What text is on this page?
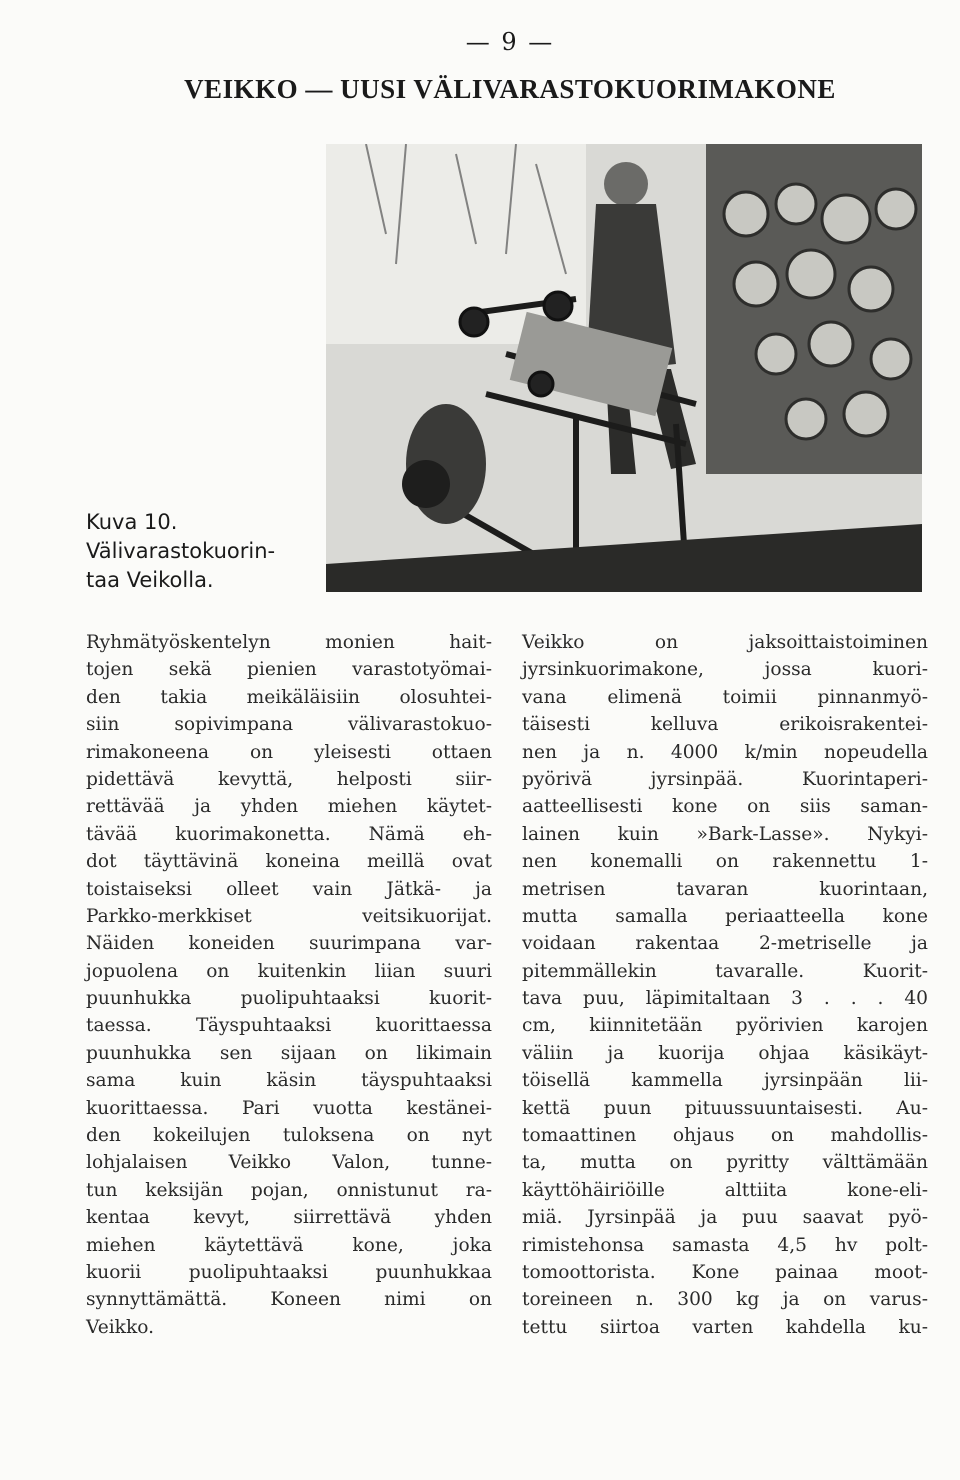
— 9 —
VEIKKO — UUSI VÄLIVARASTOKUORIMAKONE
Kuva 10.
Välivarastokuorin-
taa Veikolla.
Ryhmätyöskentelyn monien hait-
tojen sekä pienien varastotyömai-
den takia meikäläisiin olosuhtei-
siin sopivimpana välivarastokuo-
rimakoneena on yleisesti ottaen
pidettävä kevyttä, helposti siir-
rettävää ja yhden miehen käytet-
tävää kuorimakonetta. Nämä eh-
dot täyttävinä koneina meillä ovat
toistaiseksi olleet vain Jätkä- ja
Parkko-merkkiset veitsikuorijat.
Näiden koneiden suurimpana var-
jopuolena on kuitenkin liian suuri
puunhukka puolipuhtaaksi kuorit-
taessa. Täyspuhtaaksi kuorittaessa
puunhukka sen sijaan on likimain
sama kuin käsin täyspuhtaaksi
kuorittaessa. Pari vuotta kestänei-
den kokeilujen tuloksena on nyt
lohjalaisen Veikko Valon, tunne-
tun keksijän pojan, onnistunut ra-
kentaa kevyt, siirrettävä yhden
miehen käytettävä kone, joka
kuorii puolipuhtaaksi puunhukkaa
synnyttämättä. Koneen nimi on
Veikko.
Veikko on jaksoittaistoiminen
jyrsinkuorimakone, jossa kuori-
vana elimenä toimii pinnanmyö-
täisesti kelluva erikoisrakentei-
nen ja n. 4000 k/min nopeudella
pyörivä jyrsinpää. Kuorintaperi-
aatteellisesti kone on siis saman-
lainen kuin »Bark-Lasse». Nykyi-
nen konemalli on rakennettu 1-
metrisen tavaran kuorintaan,
mutta samalla periaatteella kone
voidaan rakentaa 2-metriselle ja
pitemmällekin tavaralle. Kuorit-
tava puu, läpimitaltaan 3 . . . 40
cm, kiinnitetään pyörivien karojen
väliin ja kuorija ohjaa käsikäyt-
töisellä kammella jyrsinpään lii-
kettä puun pituussuuntaisesti. Au-
tomaattinen ohjaus on mahdollis-
ta, mutta on pyritty välttämään
käyttöhäiriöille alttiita kone-eli-
miä. Jyrsinpää ja puu saavat pyö-
rimistehonsa samasta 4,5 hv polt-
tomoottorista. Kone painaa moot-
toreineen n. 300 kg ja on varus-
tettu siirtoa varten kahdella ku-
